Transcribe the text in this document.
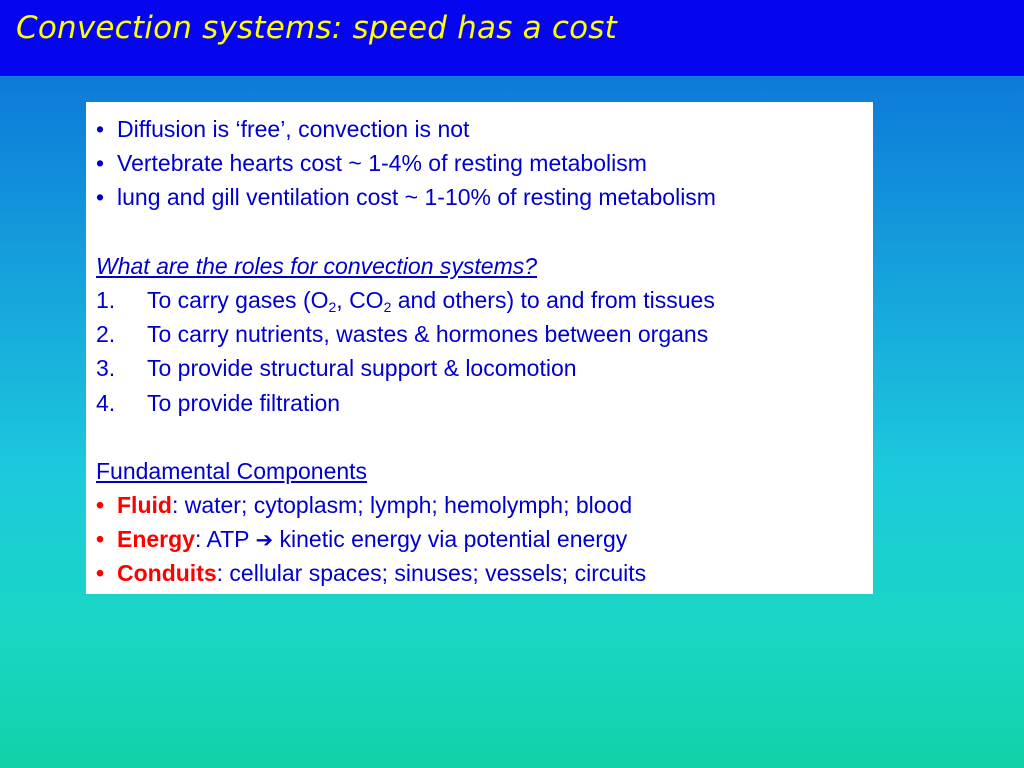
Convection systems: speed has a cost
• Diffusion is ‘free’, convection is not
• Vertebrate hearts cost ~ 1-4% of resting metabolism
• lung and gill ventilation cost ~ 1-10% of resting metabolism
What are the roles for convection systems?
1. To carry gases ($O_2$, $CO_2$ and others) to and from tissues
2. To carry nutrients, wastes & hormones between organs
3. To provide structural support & locomotion
4. To provide filtration
Fundamental Components
• Fluid: water; cytoplasm; lymph; hemolymph; blood
• Energy: ATP ➔ kinetic energy via potential energy
• Conduits: cellular spaces; sinuses; vessels; circuits
